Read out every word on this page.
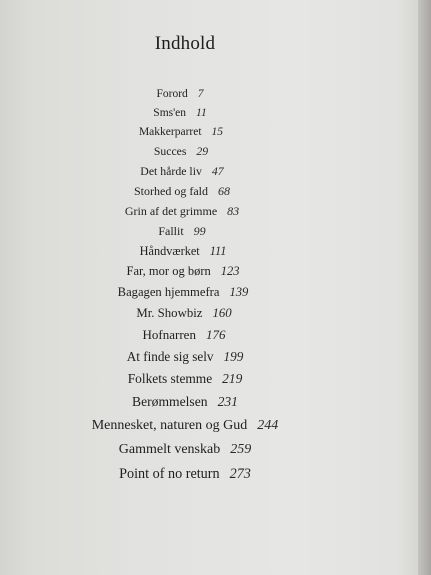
Indhold
Forord 7
Sms'en 11
Makkerparret 15
Succes 29
Det hårde liv 47
Storhed og fald 68
Grin af det grimme 83
Fallit 99
Håndværket 111
Far, mor og børn 123
Bagagen hjemmefra 139
Mr. Showbiz 160
Hofnarren 176
At finde sig selv 199
Folkets stemme 219
Berømmelsen 231
Mennesket, naturen og Gud 244
Gammelt venskab 259
Point of no return 273
